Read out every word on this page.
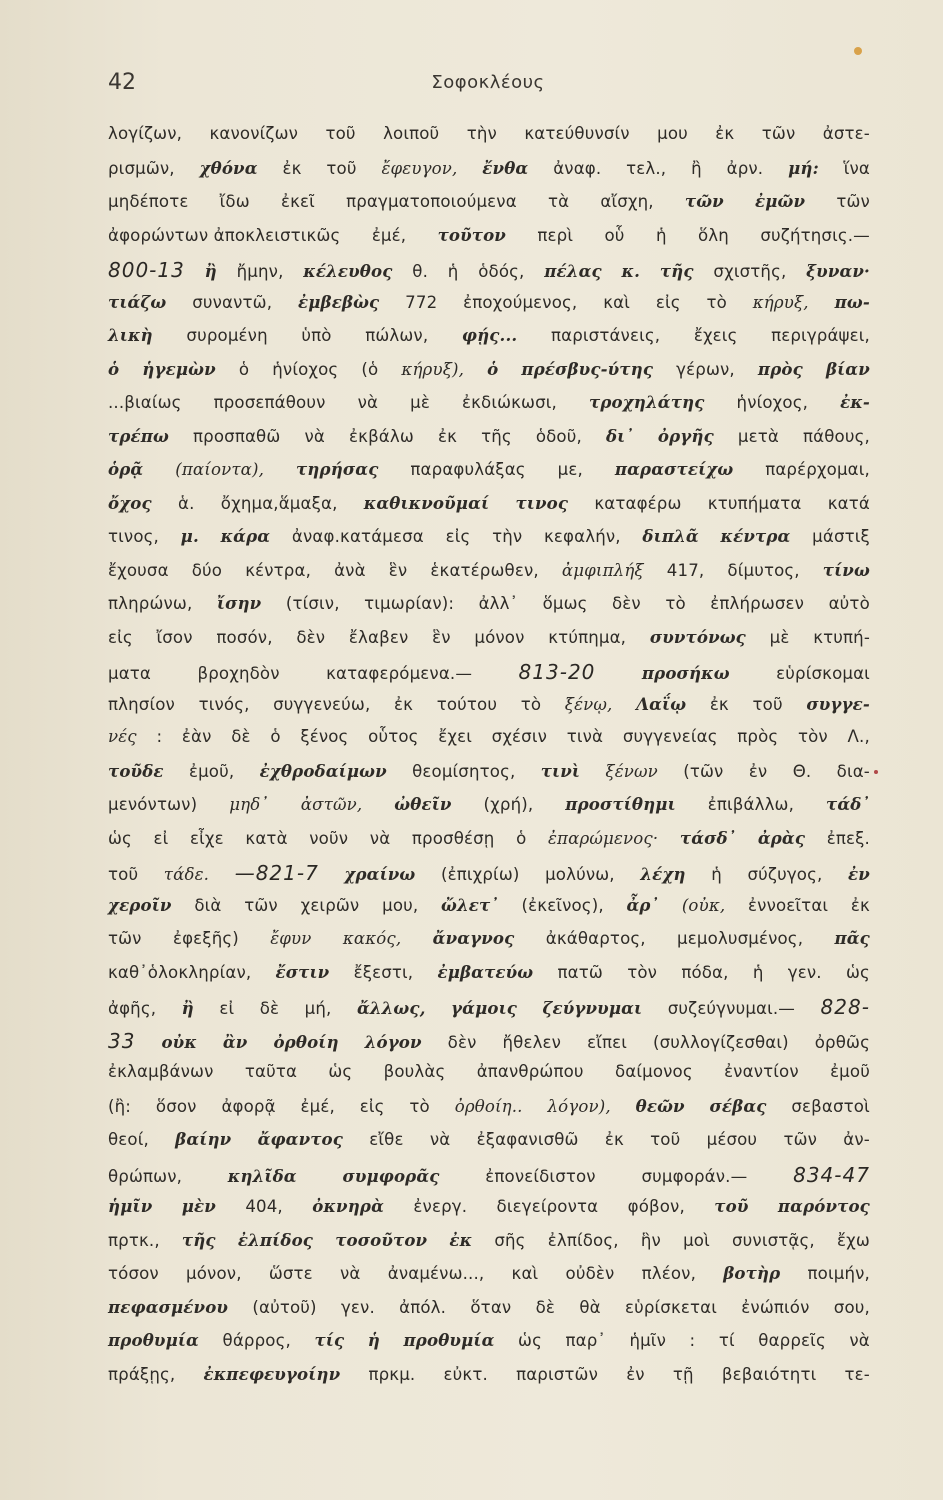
42	Σοφοκλέους
λογίζων, κανονίζων τοῦ λοιποῦ τὴν κατεύθυνσίν μου ἐκ τῶν ἀστε-
ρισμῶν, χθόνα ἐκ τοῦ ἔφευγον, ἔνθα ἀναφ. τελ., ἢ ἀρν. μή: ἵνα
μηδέποτε ἴδω ἐκεῖ πραγματοποιούμενα τὰ αἴσχη, τῶν ἐμῶν τῶν
ἀφορώντων ἀποκλειστικῶς ἐμέ, τοῦτον περὶ οὗ ἡ ὅλη συζήτησις.—
800-13 ἢ ἤμην, κέλευθος θ. ἡ ὁδός, πέλας κ. τῆς σχιστῆς, ξυναν·
τιάζω συναντῶ, ἐμβεβὼς 772 ἐποχούμενος, καὶ εἰς τὸ κήρυξ, πω-
λικὴ συρομένη ὑπὸ πώλων, φῄς... παριστάνεις, ἔχεις περιγράψει,
ὁ ἡγεμὼν ὁ ἡνίοχος (ὁ κήρυξ), ὁ πρέσβυς-ύτης γέρων, πρὸς βίαν
...βιαίως προσεπάθουν νὰ μὲ ἐκδιώκωσι, τροχηλάτης ἡνίοχος, ἐκ-
τρέπω προσπαθῶ νὰ ἐκβάλω ἐκ τῆς ὁδοῦ, δι᾽ ὀργῆς μετὰ πάθους,
ὁρᾷ (παίοντα), τηρήσας παραφυλάξας με, παραστείχω παρέρχομαι,
ὄχος ἁ. ὄχημα,ἅμαξα, καθικνοῦμαί τινος καταφέρω κτυπήματα κατά
τινος, μ. κάρα ἀναφ.κατάμεσα εἰς τὴν κεφαλήν, διπλᾶ κέντρα μάστιξ
ἔχουσα δύο κέντρα, ἀνὰ ἓν ἑκατέρωθεν, ἀμφιπλήξ 417, δίμυτος, τίνω
πληρώνω, ἴσην (τίσιν, τιμωρίαν): ἀλλ᾽ ὅμως δὲν τὸ ἐπλήρωσεν αὐτὸ
εἰς ἴσον ποσόν, δὲν ἔλαβεν ἓν μόνον κτύπημα, συντόνως μὲ κτυπή-
ματα	βροχηδὸν	καταφερόμενα.— 813-20	προσήκω	εὑρίσκομαι
πλησίον τινός, συγγενεύω, ἐκ τούτου τὸ ξένῳ, Λαΐῳ ἐκ τοῦ συγγε-
νές : ἐὰν δὲ ὁ ξένος οὗτος ἔχει σχέσιν τινὰ συγγενείας πρὸς τὸν Λ.,
τοῦδε ἐμοῦ, ἐχθροδαίμων θεομίσητος, τινὶ ξένων (τῶν ἐν Θ. δια-
μενόντων) μηδ᾽ ἀστῶν, ὠθεῖν (χρή), προστίθημι ἐπιβάλλω, τάδ᾽
ὡς εἰ εἶχε κατὰ νοῦν νὰ προσθέσῃ ὁ ἐπαρώμενος· τάσδ᾽ ἀρὰς ἐπεξ.
τοῦ τάδε. —821-7 χραίνω (ἐπιχρίω) μολύνω, λέχη ἡ σύζυγος, ἐν
χεροῖν διὰ τῶν χειρῶν μου, ὤλετ᾽ (ἐκεῖνος), ἆρ᾽ (οὐκ, ἐννοεῖται ἐκ
τῶν ἐφεξῆς) ἔφυν κακός, ἄναγνος ἀκάθαρτος, μεμολυσμένος, πᾶς
καθ᾽ὁλοκληρίαν, ἔστιν ἔξεστι, ἐμβατεύω πατῶ τὸν πόδα, ἡ γεν. ὡς
ἀφῆς, ἢ εἰ δὲ μή, ἄλλως, γάμοις ζεύγνυμαι συζεύγνυμαι.— 828-
33 οὐκ ἂν ὀρθοίη λόγον δὲν ἤθελεν εἴπει (συλλογίζεσθαι) ὀρθῶς
ἐκλαμβάνων ταῦτα ὡς βουλὰς ἀπανθρώπου δαίμονος ἐναντίον ἐμοῦ
(ἢ: ὅσον ἀφορᾷ ἐμέ, εἰς τὸ ὀρθοίη.. λόγον), θεῶν σέβας σεβαστοὶ
θεοί, βαίην ἄφαντος εἴθε νὰ ἐξαφανισθῶ ἐκ τοῦ μέσου τῶν ἀν-
θρώπων,	κηλῖδα	συμφορᾶς	ἐπονείδιστον	συμφοράν.— 834-47
ἡμῖν μὲν 404, ὀκνηρὰ ἐνεργ. διεγείροντα φόβον, τοῦ παρόντος
πρτκ., τῆς ἐλπίδος τοσοῦτον ἐκ σῆς ἐλπίδος, ἣν μοὶ συνιστᾷς, ἔχω
τόσον μόνον, ὥστε νὰ ἀναμένω..., καὶ οὐδὲν πλέον, βοτὴρ ποιμήν,
πεφασμένου (αὐτοῦ) γεν. ἀπόλ. ὅταν δὲ θὰ εὑρίσκεται ἐνώπιόν σου,
προθυμία θάρρος, τίς ἡ προθυμία ὡς παρ᾽ ἡμῖν : τί θαρρεῖς νὰ
πράξῃς, ἐκπεφευγοίην πρκμ. εὐκτ. παριστῶν ἐν τῇ βεβαιότητι τε-
